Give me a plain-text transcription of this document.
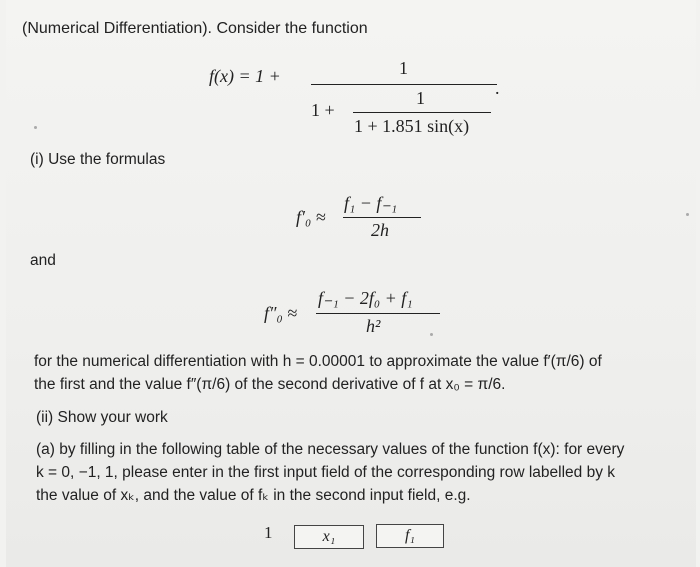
(Numerical Differentiation). Consider the function
f(x) = 1 +	1
.
1 +
1
1 + 1.851 sin(x)
(i) Use the formulas
f′₀ ≈
f₁ − f₋₁
2h
and
f″₀ ≈
f₋₁ − 2f₀ + f₁
h²
for the numerical differentiation with h = 0.00001 to approximate the value f′(π/6) of
the first and the value f″(π/6) of the second derivative of f at x₀ = π/6.
(ii) Show your work
(a) by filling in the following table of the necessary values of the function f(x): for every
k = 0, −1, 1, please enter in the first input field of the corresponding row labelled by k
the value of xₖ, and the value of fₖ in the second input field, e.g.
1	x₁	f₁
